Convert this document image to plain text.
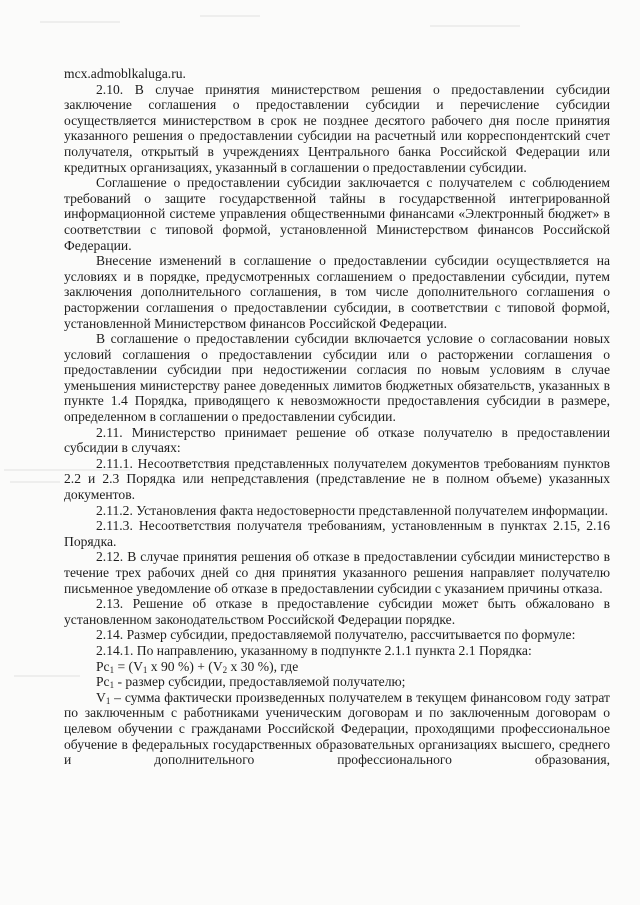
mcx.admoblkaluga.ru.

2.10. В случае принятия министерством решения о предоставлении субсидии заключение соглашения о предоставлении субсидии и перечисление субсидии осуществляется министерством в срок не позднее десятого рабочего дня после принятия указанного решения о предоставлении субсидии на расчетный или корреспондентский счет получателя, открытый в учреждениях Центрального банка Российской Федерации или кредитных организациях, указанный в соглашении о предоставлении субсидии.

Соглашение о предоставлении субсидии заключается с получателем с соблюдением требований о защите государственной тайны в государственной интегрированной информационной системе управления общественными финансами «Электронный бюджет» в соответствии с типовой формой, установленной Министерством финансов Российской Федерации.

Внесение изменений в соглашение о предоставлении субсидии осуществляется на условиях и в порядке, предусмотренных соглашением о предоставлении субсидии, путем заключения дополнительного соглашения, в том числе дополнительного соглашения о расторжении соглашения о предоставлении субсидии, в соответствии с типовой формой, установленной Министерством финансов Российской Федерации.

В соглашение о предоставлении субсидии включается условие о согласовании новых условий соглашения о предоставлении субсидии или о расторжении соглашения о предоставлении субсидии при недостижении согласия по новым условиям в случае уменьшения министерству ранее доведенных лимитов бюджетных обязательств, указанных в пункте 1.4 Порядка, приводящего к невозможности предоставления субсидии в размере, определенном в соглашении о предоставлении субсидии.

2.11. Министерство принимает решение об отказе получателю в предоставлении субсидии в случаях:

2.11.1. Несоответствия представленных получателем документов требованиям пунктов 2.2 и 2.3 Порядка или непредставления (представление не в полном объеме) указанных документов.

2.11.2. Установления факта недостоверности представленной получателем информации.

2.11.3. Несоответствия получателя требованиям, установленным в пунктах 2.15, 2.16 Порядка.

2.12. В случае принятия решения об отказе в предоставлении субсидии министерство в течение трех рабочих дней со дня принятия указанного решения направляет получателю письменное уведомление об отказе в предоставлении субсидии с указанием причины отказа.

2.13. Решение об отказе в предоставление субсидии может быть обжаловано в установленном законодательством Российской Федерации порядке.

2.14. Размер субсидии, предоставляемой получателю, рассчитывается по формуле:

2.14.1. По направлению, указанному в подпункте 2.1.1 пункта 2.1 Порядка:

$Рс_1 = (V_1$ x 90 %) + ($V_2$ x 30 %), где

$Рс_1$ - размер субсидии, предоставляемой получателю;

$V_1$ – сумма фактически произведенных получателем в текущем финансовом году затрат по заключенным с работниками ученическим договорам и по заключенным договорам о целевом обучении с гражданами Российской Федерации, проходящими профессиональное обучение в федеральных государственных образовательных организациях высшего, среднего и дополнительного профессионального образования,
